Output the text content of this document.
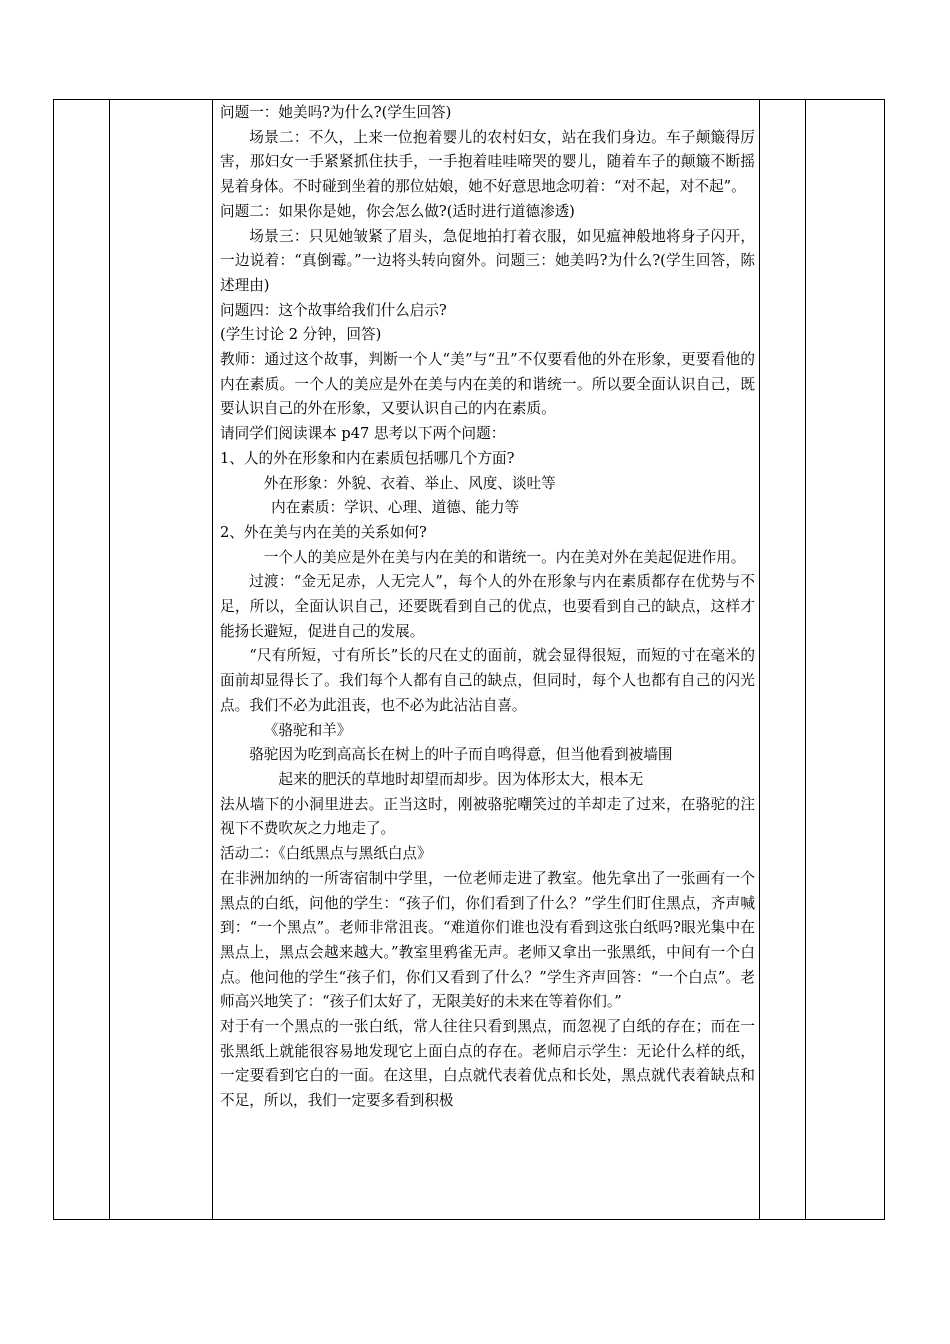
问题一：她美吗?为什么?(学生回答)

场景二：不久，上来一位抱着婴儿的农村妇女，站在我们身边。车子颠簸得厉害，那妇女一手紧紧抓住扶手，一手抱着哇哇啼哭的婴儿，随着车子的颠簸不断摇晃着身体。不时碰到坐着的那位姑娘，她不好意思地念叨着：“对不起，对不起”。

问题二：如果你是她，你会怎么做?(适时进行道德渗透)

场景三：只见她皱紧了眉头，急促地拍打着衣服，如见瘟神般地将身子闪开，一边说着：“真倒霉。”一边将头转向窗外。问题三：她美吗?为什么?(学生回答，陈述理由)

问题四：这个故事给我们什么启示?

(学生讨论 2 分钟，回答)

教师：通过这个故事，判断一个人“美”与“丑”不仅要看他的外在形象，更要看他的内在素质。一个人的美应是外在美与内在美的和谐统一。所以要全面认识自己，既要认识自己的外在形象，又要认识自己的内在素质。

请同学们阅读课本 p47 思考以下两个问题：

1、人的外在形象和内在素质包括哪几个方面?

外在形象：外貌、衣着、举止、风度、谈吐等

内在素质：学识、心理、道德、能力等

2、外在美与内在美的关系如何?

一个人的美应是外在美与内在美的和谐统一。内在美对外在美起促进作用。

过渡：“金无足赤，人无完人”，每个人的外在形象与内在素质都存在优势与不足，所以，全面认识自己，还要既看到自己的优点，也要看到自己的缺点，这样才能扬长避短，促进自己的发展。

“尺有所短，寸有所长”长的尺在丈的面前，就会显得很短，而短的寸在毫米的面前却显得长了。我们每个人都有自己的缺点，但同时，每个人也都有自己的闪光点。我们不必为此沮丧，也不必为此沾沾自喜。

《骆驼和羊》

骆驼因为吃到高高长在树上的叶子而自鸣得意，但当他看到被墙围

起来的肥沃的草地时却望而却步。因为体形太大，根本无

法从墙下的小洞里进去。正当这时，刚被骆驼嘲笑过的羊却走了过来，在骆驼的注视下不费吹灰之力地走了。

活动二：《白纸黑点与黑纸白点》

在非洲加纳的一所寄宿制中学里，一位老师走进了教室。他先拿出了一张画有一个黑点的白纸，问他的学生：“孩子们，你们看到了什么？”学生们盯住黑点，齐声喊到：“一个黑点”。老师非常沮丧。“难道你们谁也没有看到这张白纸吗?眼光集中在黑点上，黑点会越来越大。”教室里鸦雀无声。老师又拿出一张黑纸，中间有一个白点。他问他的学生“孩子们，你们又看到了什么？”学生齐声回答：“一个白点”。老师高兴地笑了：“孩子们太好了，无限美好的未来在等着你们。”

对于有一个黑点的一张白纸，常人往往只看到黑点，而忽视了白纸的存在；而在一张黑纸上就能很容易地发现它上面白点的存在。老师启示学生：无论什么样的纸，一定要看到它白的一面。在这里，白点就代表着优点和长处，黑点就代表着缺点和不足，所以，我们一定要多看到积极
